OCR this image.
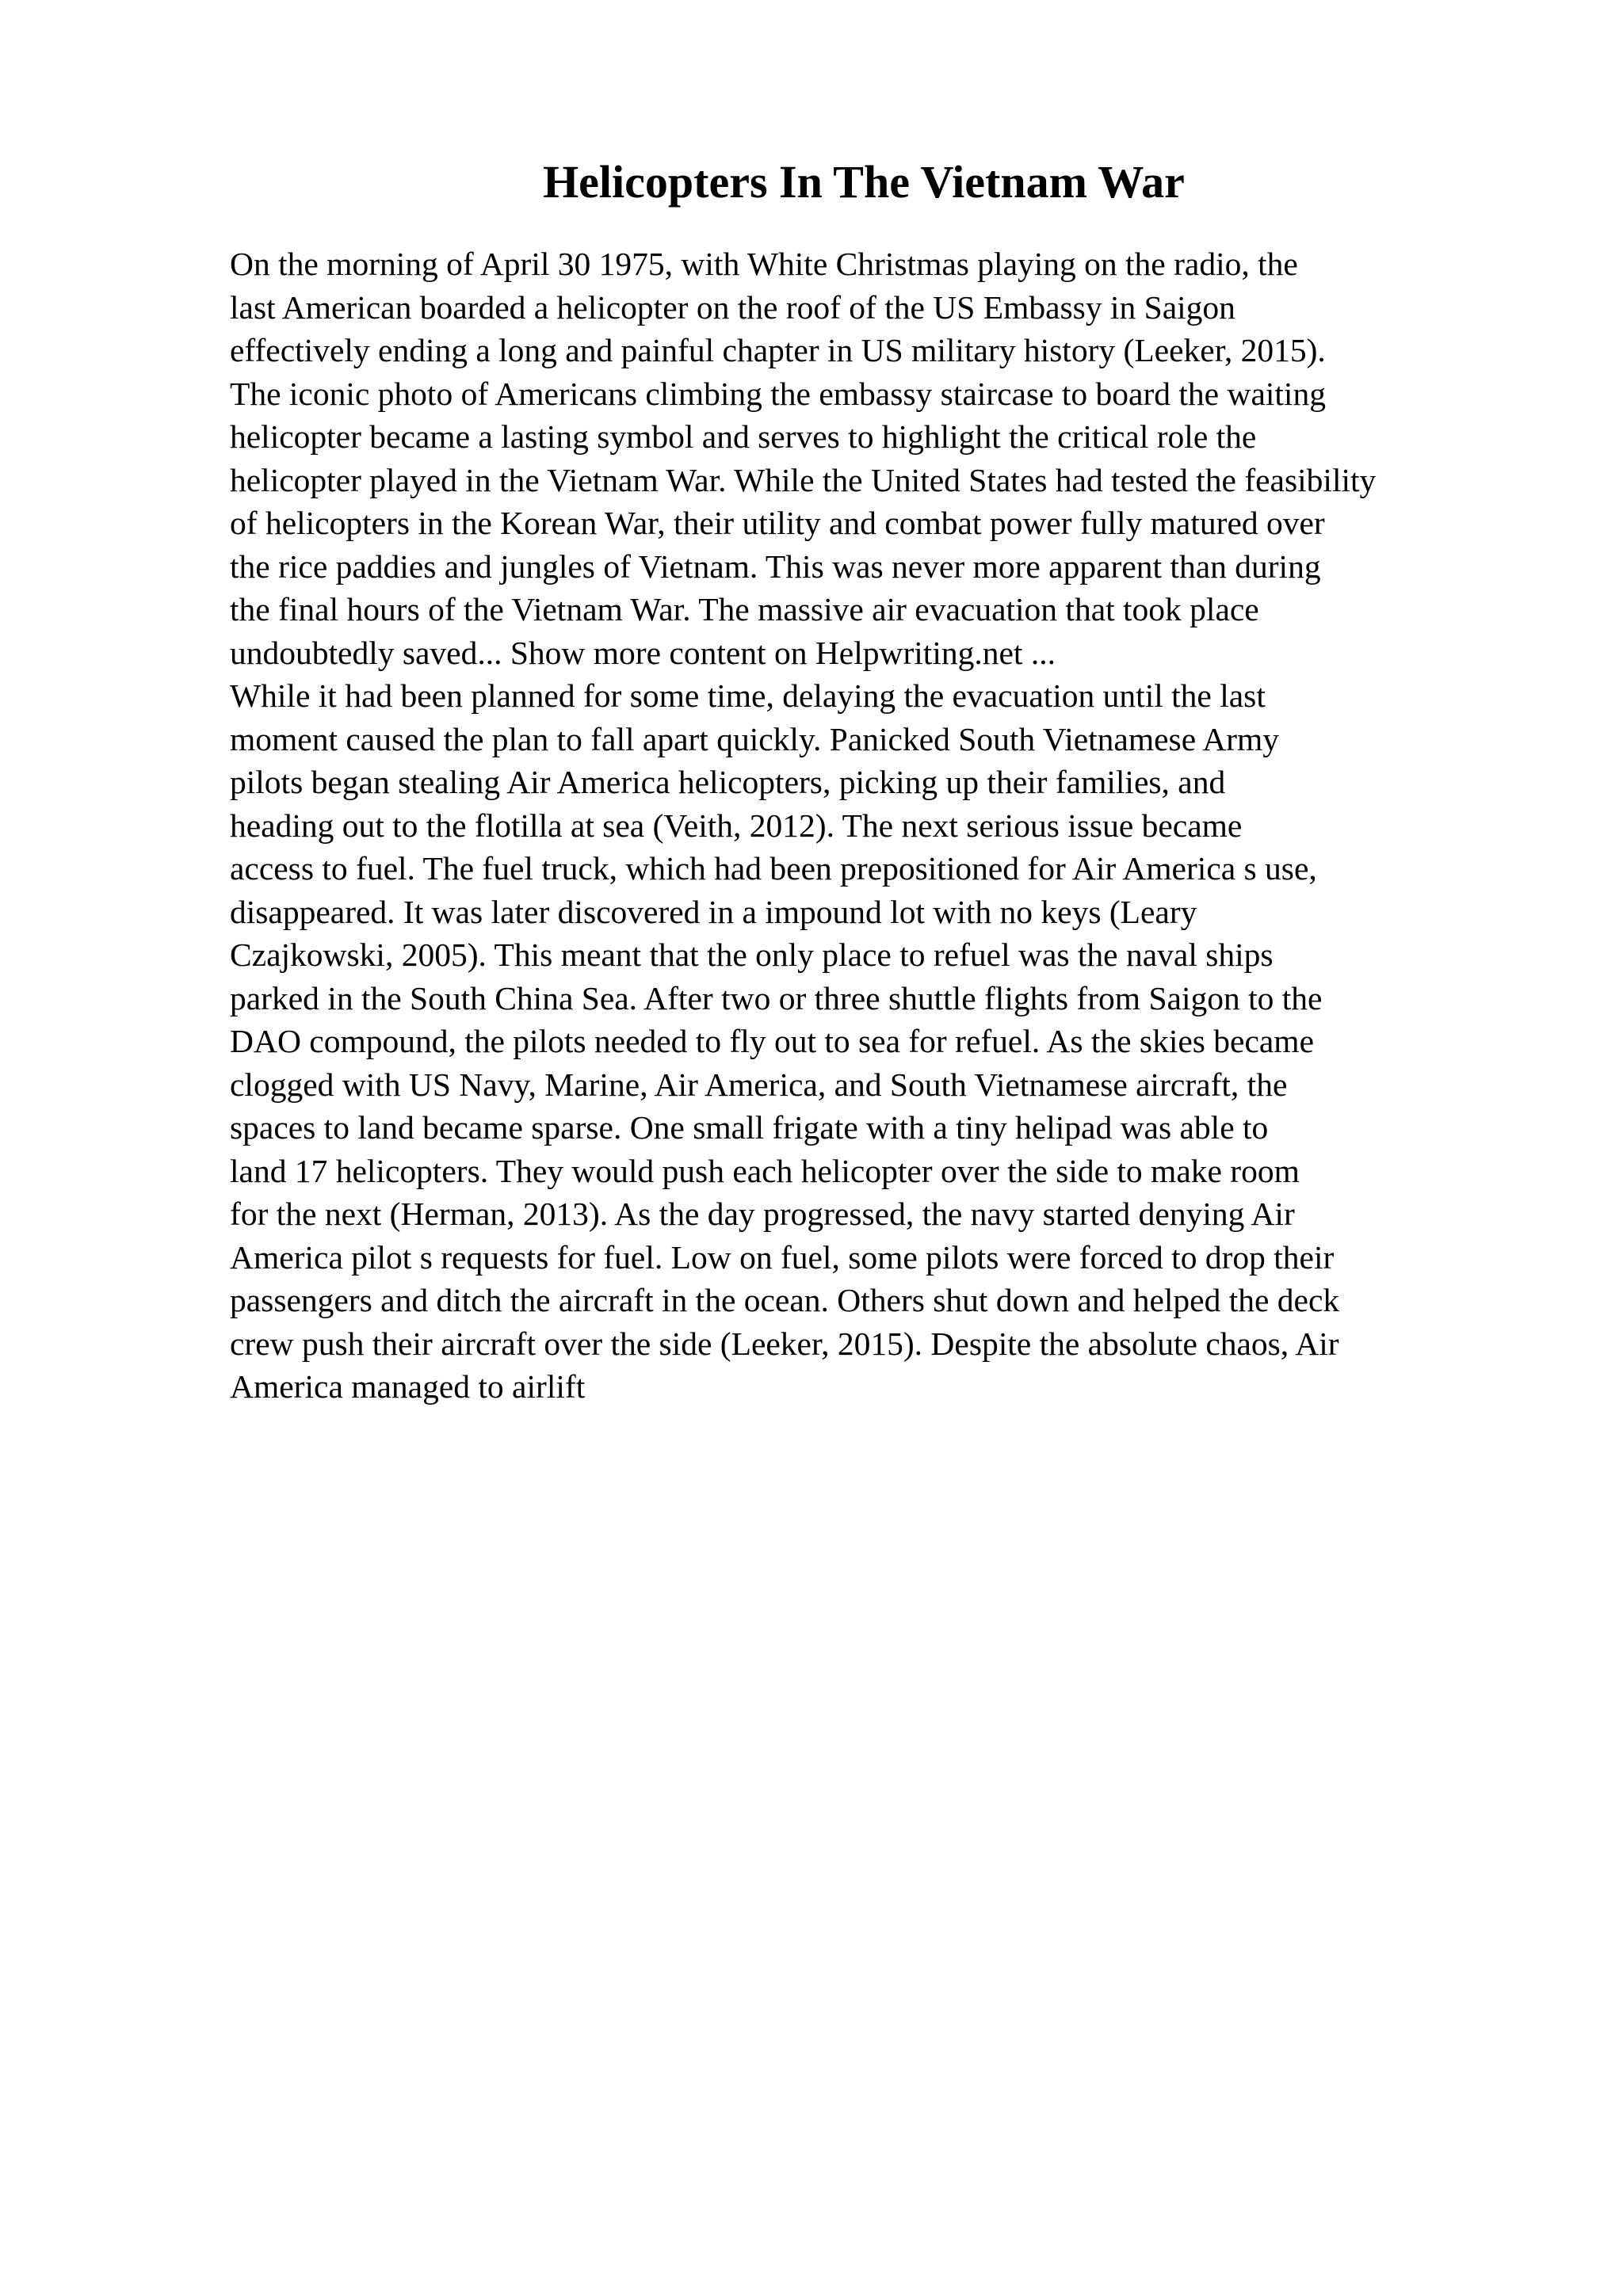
Helicopters In The Vietnam War
On the morning of April 30 1975, with White Christmas playing on the radio, the
last American boarded a helicopter on the roof of the US Embassy in Saigon
effectively ending a long and painful chapter in US military history (Leeker, 2015).
The iconic photo of Americans climbing the embassy staircase to board the waiting
helicopter became a lasting symbol and serves to highlight the critical role the
helicopter played in the Vietnam War. While the United States had tested the feasibility
of helicopters in the Korean War, their utility and combat power fully matured over
the rice paddies and jungles of Vietnam. This was never more apparent than during
the final hours of the Vietnam War. The massive air evacuation that took place
undoubtedly saved... Show more content on Helpwriting.net ...
While it had been planned for some time, delaying the evacuation until the last
moment caused the plan to fall apart quickly. Panicked South Vietnamese Army
pilots began stealing Air America helicopters, picking up their families, and
heading out to the flotilla at sea (Veith, 2012). The next serious issue became
access to fuel. The fuel truck, which had been prepositioned for Air America s use,
disappeared. It was later discovered in a impound lot with no keys (Leary
Czajkowski, 2005). This meant that the only place to refuel was the naval ships
parked in the South China Sea. After two or three shuttle flights from Saigon to the
DAO compound, the pilots needed to fly out to sea for refuel. As the skies became
clogged with US Navy, Marine, Air America, and South Vietnamese aircraft, the
spaces to land became sparse. One small frigate with a tiny helipad was able to
land 17 helicopters. They would push each helicopter over the side to make room
for the next (Herman, 2013). As the day progressed, the navy started denying Air
America pilot s requests for fuel. Low on fuel, some pilots were forced to drop their
passengers and ditch the aircraft in the ocean. Others shut down and helped the deck
crew push their aircraft over the side (Leeker, 2015). Despite the absolute chaos, Air
America managed to airlift
